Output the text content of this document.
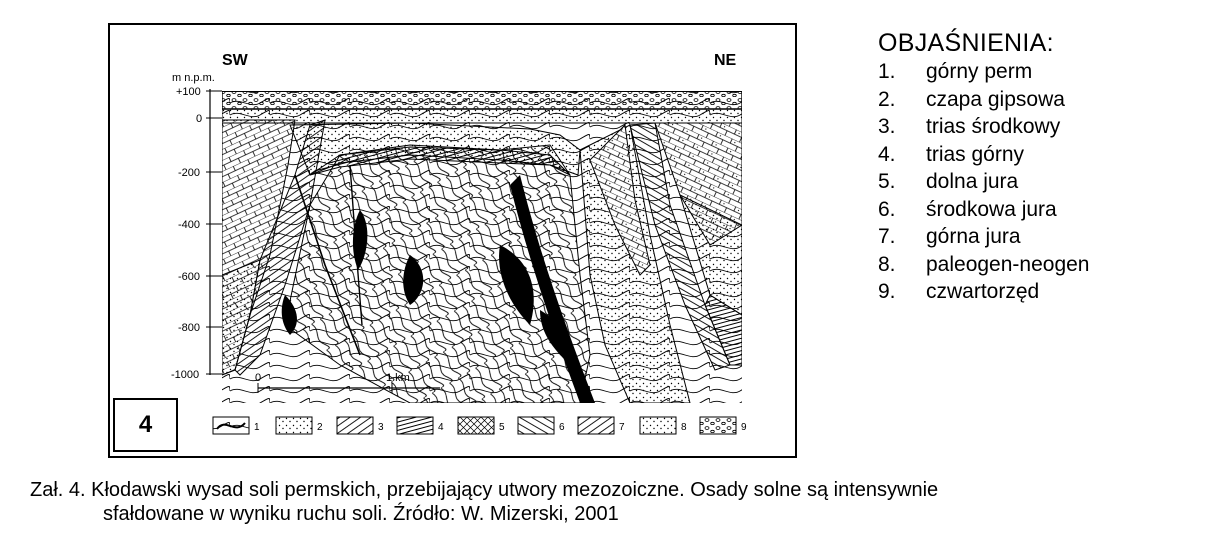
m n.p.m.
+100
0
-200
-400
-600
-800
-1000
SW	NE
0	1 km
1	2	3	4	5	6	7	8	9
4
OBJAŚNIENIA:
1.	górny perm
2.	czapa gipsowa
3.	trias środkowy
4.	trias górny
5.	dolna jura
6.	środkowa jura
7.	górna jura
8.	paleogen-neogen
9.	czwartorzęd
Zał. 4. Kłodawski wysad soli permskich, przebijający utwory mezozoiczne. Osady solne są intensywnie
sfałdowane w wyniku ruchu soli. Źródło: W. Mizerski, 2001
